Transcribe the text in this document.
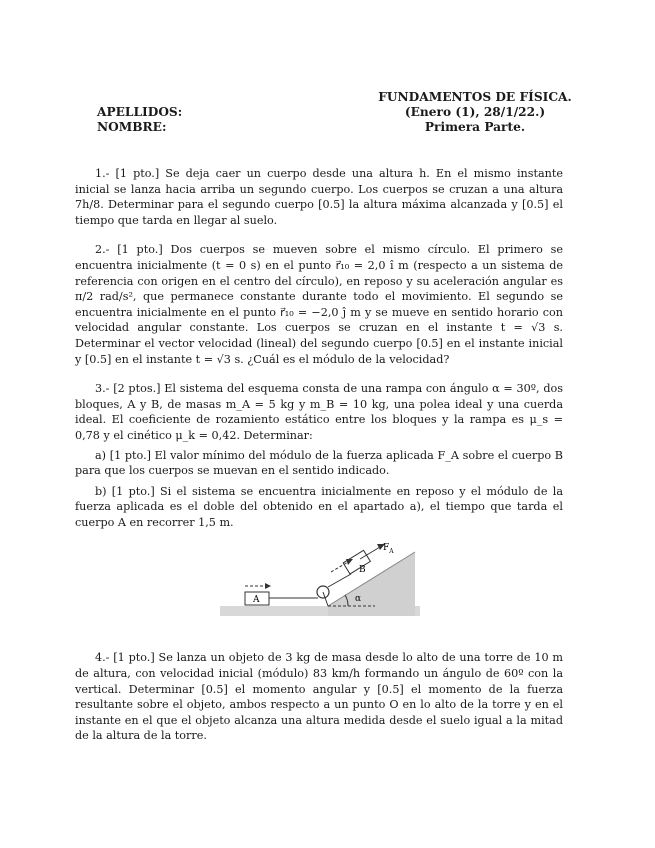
FUNDAMENTOS DE FÍSICA.
(Enero (1), 28/1/22.)
Primera Parte.
APELLIDOS:
NOMBRE:

1.- [1 pto.] Se deja caer un cuerpo desde una altura h. En el mismo instante inicial se lanza hacia arriba un segundo cuerpo. Los cuerpos se cruzan a una altura 7h/8. Determinar para el segundo cuerpo [0.5] la altura máxima alcanzada y [0.5] el tiempo que tarda en llegar al suelo.

2.- [1 pto.] Dos cuerpos se mueven sobre el mismo círculo. El primero se encuentra inicialmente (t = 0 s) en el punto r⃗₁₀ = 2,0 î m (respecto a un sistema de referencia con origen en el centro del círculo), en reposo y su aceleración angular es π/2 rad/s², que permanece constante durante todo el movimiento. El segundo se encuentra inicialmente en el punto r⃗₁₀ = −2,0 ĵ m y se mueve en sentido horario con velocidad angular constante. Los cuerpos se cruzan en el instante t = √3 s. Determinar el vector velocidad (lineal) del segundo cuerpo [0.5] en el instante inicial y [0.5] en el instante t = √3 s. ¿Cuál es el módulo de la velocidad?

3.- [2 ptos.] El sistema del esquema consta de una rampa con ángulo α = 30º, dos bloques, A y B, de masas m_A = 5 kg y m_B = 10 kg, una polea ideal y una cuerda ideal. El coeficiente de rozamiento estático entre los bloques y la rampa es μ_s = 0,78 y el cinético μ_k = 0,42. Determinar:

a) [1 pto.] El valor mínimo del módulo de la fuerza aplicada F_A sobre el cuerpo B para que los cuerpos se muevan en el sentido indicado.

b) [1 pto.] Si el sistema se encuentra inicialmente en reposo y el módulo de la fuerza aplicada es el doble del obtenido en el apartado a), el tiempo que tarda el cuerpo A en recorrer 1,5 m.

α
A
B
$F_A$

4.- [1 pto.] Se lanza un objeto de 3 kg de masa desde lo alto de una torre de 10 m de altura, con velocidad inicial (módulo) 83 km/h formando un ángulo de 60º con la vertical. Determinar [0.5] el momento angular y [0.5] el momento de la fuerza resultante sobre el objeto, ambos respecto a un punto O en lo alto de la torre y en el instante en el que el objeto alcanza una altura medida desde el suelo igual a la mitad de la altura de la torre.
